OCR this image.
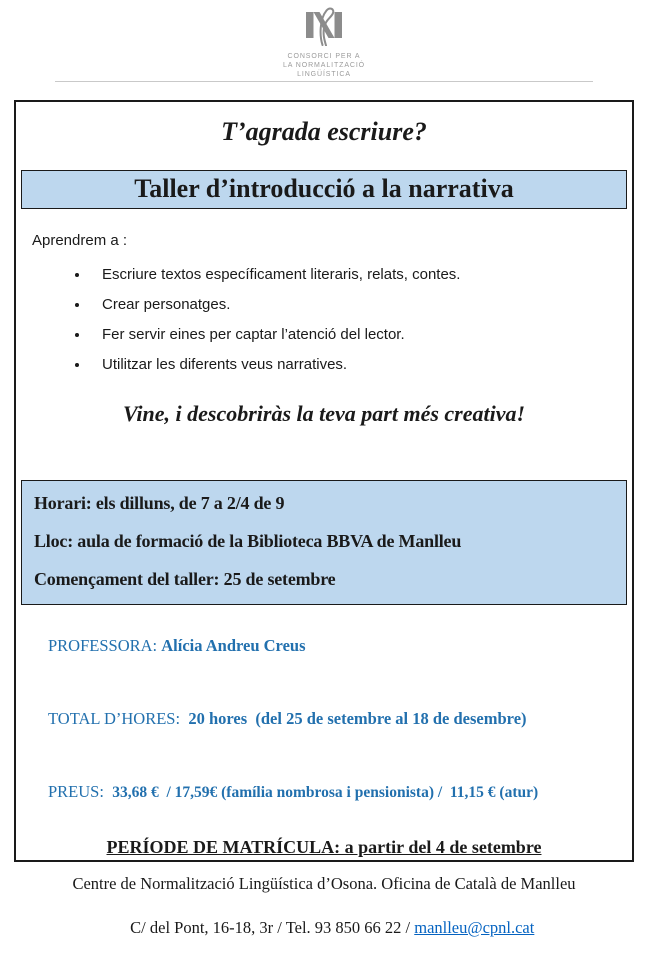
CONSORCI PER A
LA NORMALITZACIÓ
LINGÜÍSTICA
T’agrada escriure?
Taller d’introducció a la narrativa
Aprendrem a :
• Escriure textos específicament literaris, relats, contes.
• Crear personatges.
• Fer servir eines per captar l’atenció del lector.
• Utilitzar les diferents veus narratives.
Vine, i descobriràs la teva part més creativa!

Horari: els dilluns, de 7 a 2/4 de 9

Lloc: aula de formació de la Biblioteca BBVA de Manlleu

Començament del taller: 25 de setembre

PROFESSORA: Alícia Andreu Creus

TOTAL D’HORES:  20 hores  (del 25 de setembre al 18 de desembre)

PREUS:  33,68 €  / 17,59€ (família nombrosa i pensionista) /  11,15 € (atur)

PERÍODE DE MATRÍCULA: a partir del 4 de setembre
Centre de Normalització Lingüística d’Osona. Oficina de Català de Manlleu

C/ del Pont, 16-18, 3r / Tel. 93 850 66 22 / manlleu@cpnl.cat
